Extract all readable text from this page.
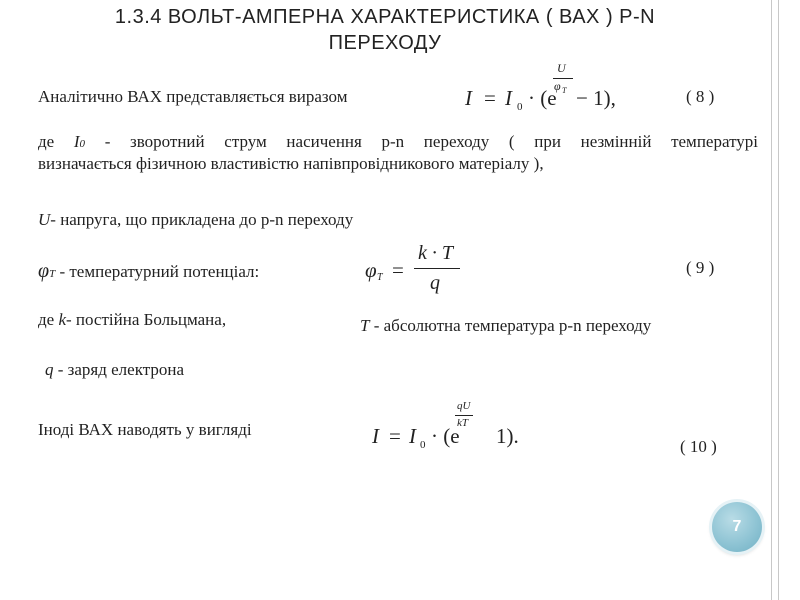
1.3.4 ВОЛЬТ-АМПЕРНА ХАРАКТЕРИСТИКА ( ВАХ ) P-N
ПЕРЕХОДУ
Аналітично ВАХ представляється виразом	I = I 0 · (e
U
φ T − 1),	( 8 )
де I0 - зворотний струм насичення p-n переходу ( при незмінній температурі
визначається фізичною властивістю напівпровідникового матеріалу ),
U- напруга, що прикладена до p-n переходу
φT - температурний потенціал:	φ T =
k · T
q
( 9 )
де k- постійна Больцмана,	T - абсолютна температура p-n переходу
q - заряд електрона
Іноді ВАХ наводять у вигляді	I = I 0 · (e
qU
kT
1).	( 10 )
7
